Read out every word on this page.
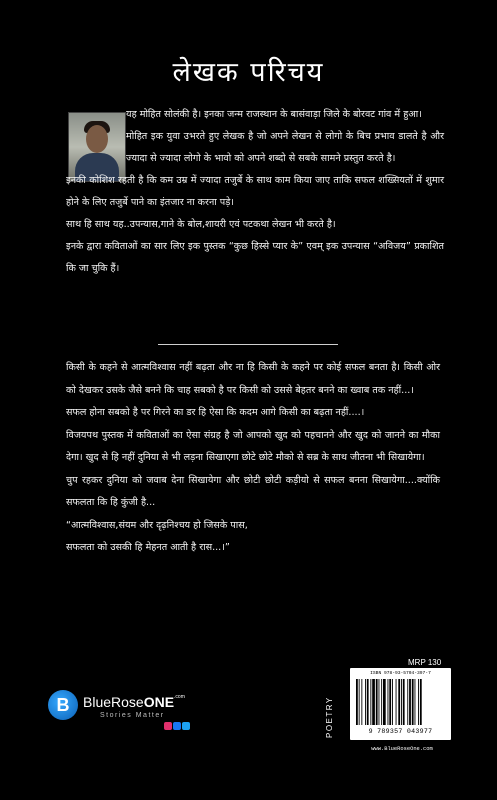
लेखक परिचय

यह मोहित सोलंकी है। इनका जन्म राजस्थान के बासंवाड़ा जिले के बोरवट गांव में हुआ।

मोहित इक युवा उभरते हुए लेखक है जो अपने लेखन से लोगो के बिच प्रभाव डालते है और ज्यादा से ज्यादा लोगो के भावो को अपने शब्दो से सबके सामने प्रस्तुत करते है।

इनकी कोशिश रहती है कि कम उम्र में ज्यादा तजुर्बे के साथ काम किया जाए ताकि सफल शख्सियतों में शुमार होने के लिए तजुर्बे पाने का इंतजार ना करना पड़े।

साथ हि साथ यह..उपन्यास,गाने के बोल,शायरी एवं पटकथा लेखन भी करते है।

इनके द्वारा कविताओं का सार लिए इक पुस्तक “कुछ हिस्से प्यार के” एवम् इक उपन्यास “अविजय” प्रकाशित कि जा चुकि हैं।

किसी के कहने से आत्मविश्वास नहीं बढ़ता और ना हि किसी के कहने पर कोई सफल बनता है। किसी ओर को देखकर उसके जैसे बनने कि चाह सबको है पर किसी को उससे बेहतर बनने का ख्वाब तक नहीं...।

सफल होना सबको है पर गिरने का डर हि ऐसा कि कदम आगे किसी का बढ़ता नहीं....।

विजयपथ पुस्तक में कविताओं का ऐसा संग्रह है जो आपको खुद को पहचानने और खुद को जानने का मौका देगा। खुद से हि नहीं दुनिया से भी लड़ना सिखाएगा छोटे छोटे मौको से सब्र के साथ जीतना भी सिखायेगा।

चुप रहकर दुनिया को जवाब देना सिखायेगा और छोटी छोटी कड़ीयो से सफल बनना सिखायेगा....क्योंकि सफलता कि हि कुंजी है...

“आत्मविश्वास,संयम और दृढ़निश्चय हो जिसके पास,

सफलता को उसकी हि मेहनत आती है रास...।”

B BlueRoseONE$^{.com}$
Stories Matter
MRP 130
POETRY
ISBN 978-93-5704-397-7
9 789357 043977
www.BlueRoseOne.com
